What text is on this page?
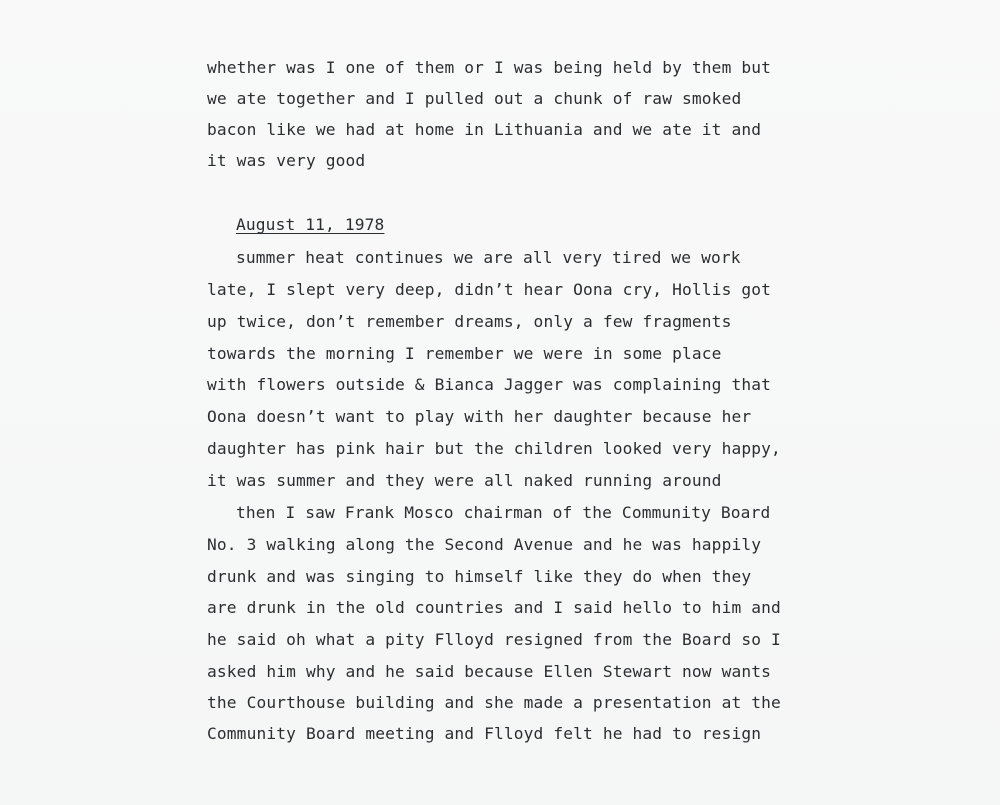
whether was I one of them or I was being held by them but
we ate together and I pulled out a chunk of raw smoked
bacon like we had at home in Lithuania and we ate it and
it was very good
August 11, 1978
summer heat continues we are all very tired we work
late, I slept very deep, didn’t hear Oona cry, Hollis got
up twice, don’t remember dreams, only a few fragments
towards the morning I remember we were in some place
with flowers outside & Bianca Jagger was complaining that
Oona doesn’t want to play with her daughter because her
daughter has pink hair but the children looked very happy,
it was summer and they were all naked running around
then I saw Frank Mosco chairman of the Community Board
No. 3 walking along the Second Avenue and he was happily
drunk and was singing to himself like they do when they
are drunk in the old countries and I said hello to him and
he said oh what a pity Flloyd resigned from the Board so I
asked him why and he said because Ellen Stewart now wants
the Courthouse building and she made a presentation at the
Community Board meeting and Flloyd felt he had to resign
